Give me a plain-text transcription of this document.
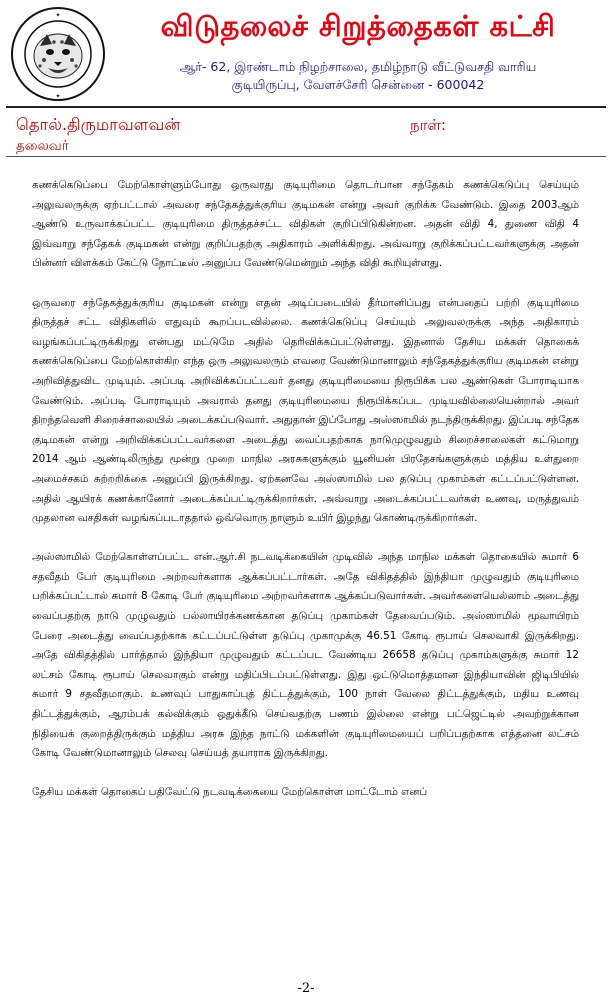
✦
✦
விடுதலைச் சிறுத்தைகள் கட்சி
ஆர்- 62, இரண்டாம் நிழற்சாலை, தமிழ்நாடு வீட்டுவசதி வாரிய
குடியிருப்பு, வேளச்சேரி சென்னை - 600042
தொல்.திருமாவளவன்
தலைவர்
நாள்:

கணக்கெடுப்பை மேற்கொள்ளும்போது ஒருவரது குடியுரிமை தொடர்பான சந்தேகம் கணக்கெடுப்பு செய்யும் அலுவலருக்கு ஏற்பட்டால் அவரை சந்தேகத்துக்குரிய குடிமகன் என்று அவர் குறிக்க வேண்டும். இதை 2003ஆம் ஆண்டு உருவாக்கப்பட்ட குடியுரிமை திருத்தச்சட்ட விதிகள் குறிப்பிடுகின்றன. அதன் விதி 4, துணை விதி 4 இவ்வாறு சந்தேகக் குடிமகன் என்று குறிப்பதற்கு அதிகாரம் அளிக்கிறது. அவ்வாறு குறிக்கப்பட்டவர்களுக்கு அதன் பின்னர் விளக்கம் கேட்டு நோட்டீஸ் அனுப்ப வேண்டுமென்றும் அந்த விதி கூறியுள்ளது.

ஒருவரை சந்தேகத்துக்குரிய குடிமகன் என்று எதன் அடிப்படையில் தீர்மானிப்பது என்பதைப் பற்றி குடியுரிமை திருத்தச் சட்ட விதிகளில் எதுவும் கூறப்படவில்லை. கணக்கெடுப்பு செய்யும் அலுவலருக்கு அந்த அதிகாரம் வழங்கப்பட்டிருக்கிறது என்பது மட்டுமே அதில் தெரிவிக்கப்பட்டுள்ளது. இதனால் தேசிய மக்கள் தொகைக் கணக்கெடுப்பை மேற்கொள்கிற எந்த ஒரு அலுவலரும் எவரை வேண்டுமானாலும் சந்தேகத்துக்குரிய குடிமகன் என்று அறிவித்துவிட முடியும். அப்படி அறிவிக்கப்பட்டவர் தனது குடியுரிமையை நிரூபிக்க பல ஆண்டுகள் போராடியாக வேண்டும். அப்படி போராடியும் அவரால் தனது குடியுரிமையை நிரூபிக்கப்பட முடியவில்லையென்றால் அவர் திறந்தவெளி சிறைச்சாலையில் அடைக்கப்படுவார். அதுதான் இப்போது அஸ்ஸாமில் நடந்திருக்கிறது. இப்படி சந்தேக குடிமகன் என்று அறிவிக்கப்பட்டவர்களை அடைத்து வைப்பதற்காக நாடுமுழுவதும் சிறைச்சாலைகள் கட்டுமாறு 2014 ஆம் ஆண்டிலிருந்து மூன்று முறை மாநில அரசுகளுக்கும் யூனியன் பிரதேசங்களுக்கும் மத்திய உள்துறை அமைச்சகம் சுற்றறிக்கை அனுப்பி இருக்கிறது. ஏற்கனவே அஸ்ஸாமில் பல தடுப்பு முகாம்கள் கட்டப்பட்டுள்ளன. அதில் ஆயிரக் கணக்கானோர் அடைக்கப்பட்டிருக்கிறார்கள். அவ்வாறு அடைக்கப்பட்டவர்கள் உணவு, மருத்துவம் முதலான வசதிகள் வழங்கப்படாததால் ஒவ்வொரு நாளும் உயிர் இழந்து கொண்டிருக்கிறார்கள்.

அஸ்ஸாமில் மேற்கொள்ளப்பட்ட என்.ஆர்.சி நடவடிக்கையின் முடிவில் அந்த மாநில மக்கள் தொகையில் சுமார் 6 சதவீதம் பேர் குடியுரிமை அற்றவர்களாக ஆக்கப்பட்டார்கள். அதே விகிதத்தில் இந்தியா முழுவதும் குடியுரிமை பறிக்கப்பட்டால் சுமார் 8 கோடி பேர் குடியுரிமை அற்றவர்களாக ஆக்கப்படுவார்கள். அவர்களையெல்லாம் அடைத்து வைப்பதற்கு நாடு முழுவதும் பல்லாயிரக்கணக்கான தடுப்பு முகாம்கள் தேவைப்படும். அஸ்ஸாமில் மூவாயிரம் பேரை அடைத்து வைப்பதற்காக கட்டப்பட்டுள்ள தடுப்பு முகாமுக்கு 46.51 கோடி ரூபாய் செலவாகி இருக்கிறது. அதே விகிதத்தில் பார்த்தால் இந்தியா முழுவதும் கட்டப்பட வேண்டிய 26658 தடுப்பு முகாம்களுக்கு சுமார் 12 லட்சம் கோடி ரூபாய் செலவாகும் என்று மதிப்பிடப்பட்டுள்ளது. இது ஒட்டுமொத்தமான இந்தியாவின் ஜிடிபியில் சுமார் 9 சதவீதமாகும். உணவுப் பாதுகாப்புத் திட்டத்துக்கும், 100 நாள் வேலை திட்டத்துக்கும், மதிய உணவு திட்டத்துக்கும், ஆரம்பக் கல்விக்கும் ஒதுக்கீடு செய்வதற்கு பணம் இல்லை என்று பட்ஜெட்டில் அவற்றுக்கான நிதியைக் குறைத்திருக்கும் மத்திய அரசு இந்த நாட்டு மக்களின் குடியுரிமையைப் பறிப்பதற்காக எத்தனை லட்சம் கோடி வேண்டுமானாலும் செலவு செய்யத் தயாராக இருக்கிறது.

தேசிய மக்கள் தொகைப் பதிவேட்டு நடவடிக்கையை மேற்கொள்ள மாட்டோம் எனப்

-2-
